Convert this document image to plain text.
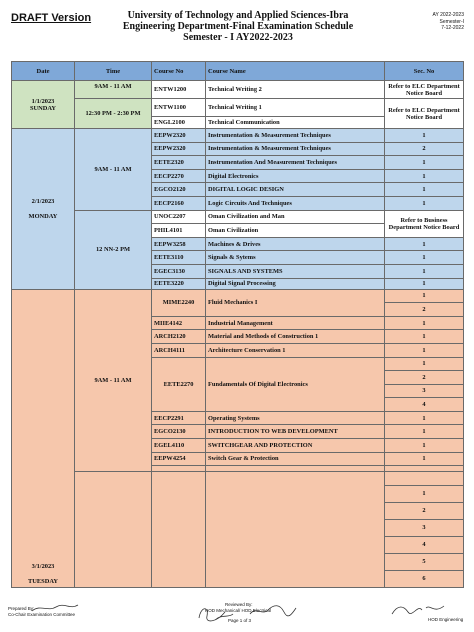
DRAFT Version	University of Technology and Applied Sciences-Ibra
Engineering Department-Final Examination Schedule
Semester - I AY2022-2023
AY 2022-2023
Semester-I
7-12-2022
Date	Time	Course No	Course Name	Sec. No

1/1/2023
SUNDAY	9AM - 11 AM	ENTW1200	Technical Writing 2	Refer to ELC Department Notice Board
	12:30 PM - 2:30 PM	ENTW1100	Technical Writing 1	Refer to ELC Department Notice Board
		ENGL2100	Technical Communication	

2/1/2023
MONDAY	9AM - 11 AM	EEPW2320	Instrumentation & Measurement Techniques	1
		EEPW2320	Instrumentation & Measurement Techniques	2
		EETE2320	Instrumentation And Measurement Techniques	1
		EECP2270	Digital Electronics	1
		EGCO2120	DIGITAL LOGIC DESIGN	1
		EECP2160	Logic Circuits And Techniques	1
	12 NN-2 PM	UNOC2207	Oman Civilization and Man	Refer to Business Department Notice Board
		PHIL4101	Oman Civilization	
		EEPW3258	Machines & Drives	1
		EETE3110	Signals & Sytems	1
		EGEC3130	SIGNALS AND SYSTEMS	1
		EETE3220	Digital Signal Processing	1

3/1/2023
TUESDAY	9AM - 11 AM	MIME2240	Fluid Mechanics I	1
				2
		MIIE4142	Industrial Management	1
		ARCH2120	Material and Methods of Construction 1	1
		ARCH4111	Architecture Conservation 1	1
		EETE2270	Fundamentals Of Digital Electronics	1
				2
				3
				4
		EECP2291	Operating Systems	1
		EGCO2130	INTRODUCTION TO WEB DEVELOPMENT	1
		EGEL4110	SWITCHGEAR AND PROTECTION	1
		EEPW4254	Switch Gear & Protection	1

				1
				2
				3
				4
				5
				6
Prepared By:
Co-Chair Examination Committee
Reviewed By:
HOD Mechanical/ HOD Electrical
Page 1 of 3	HOD Engineering
